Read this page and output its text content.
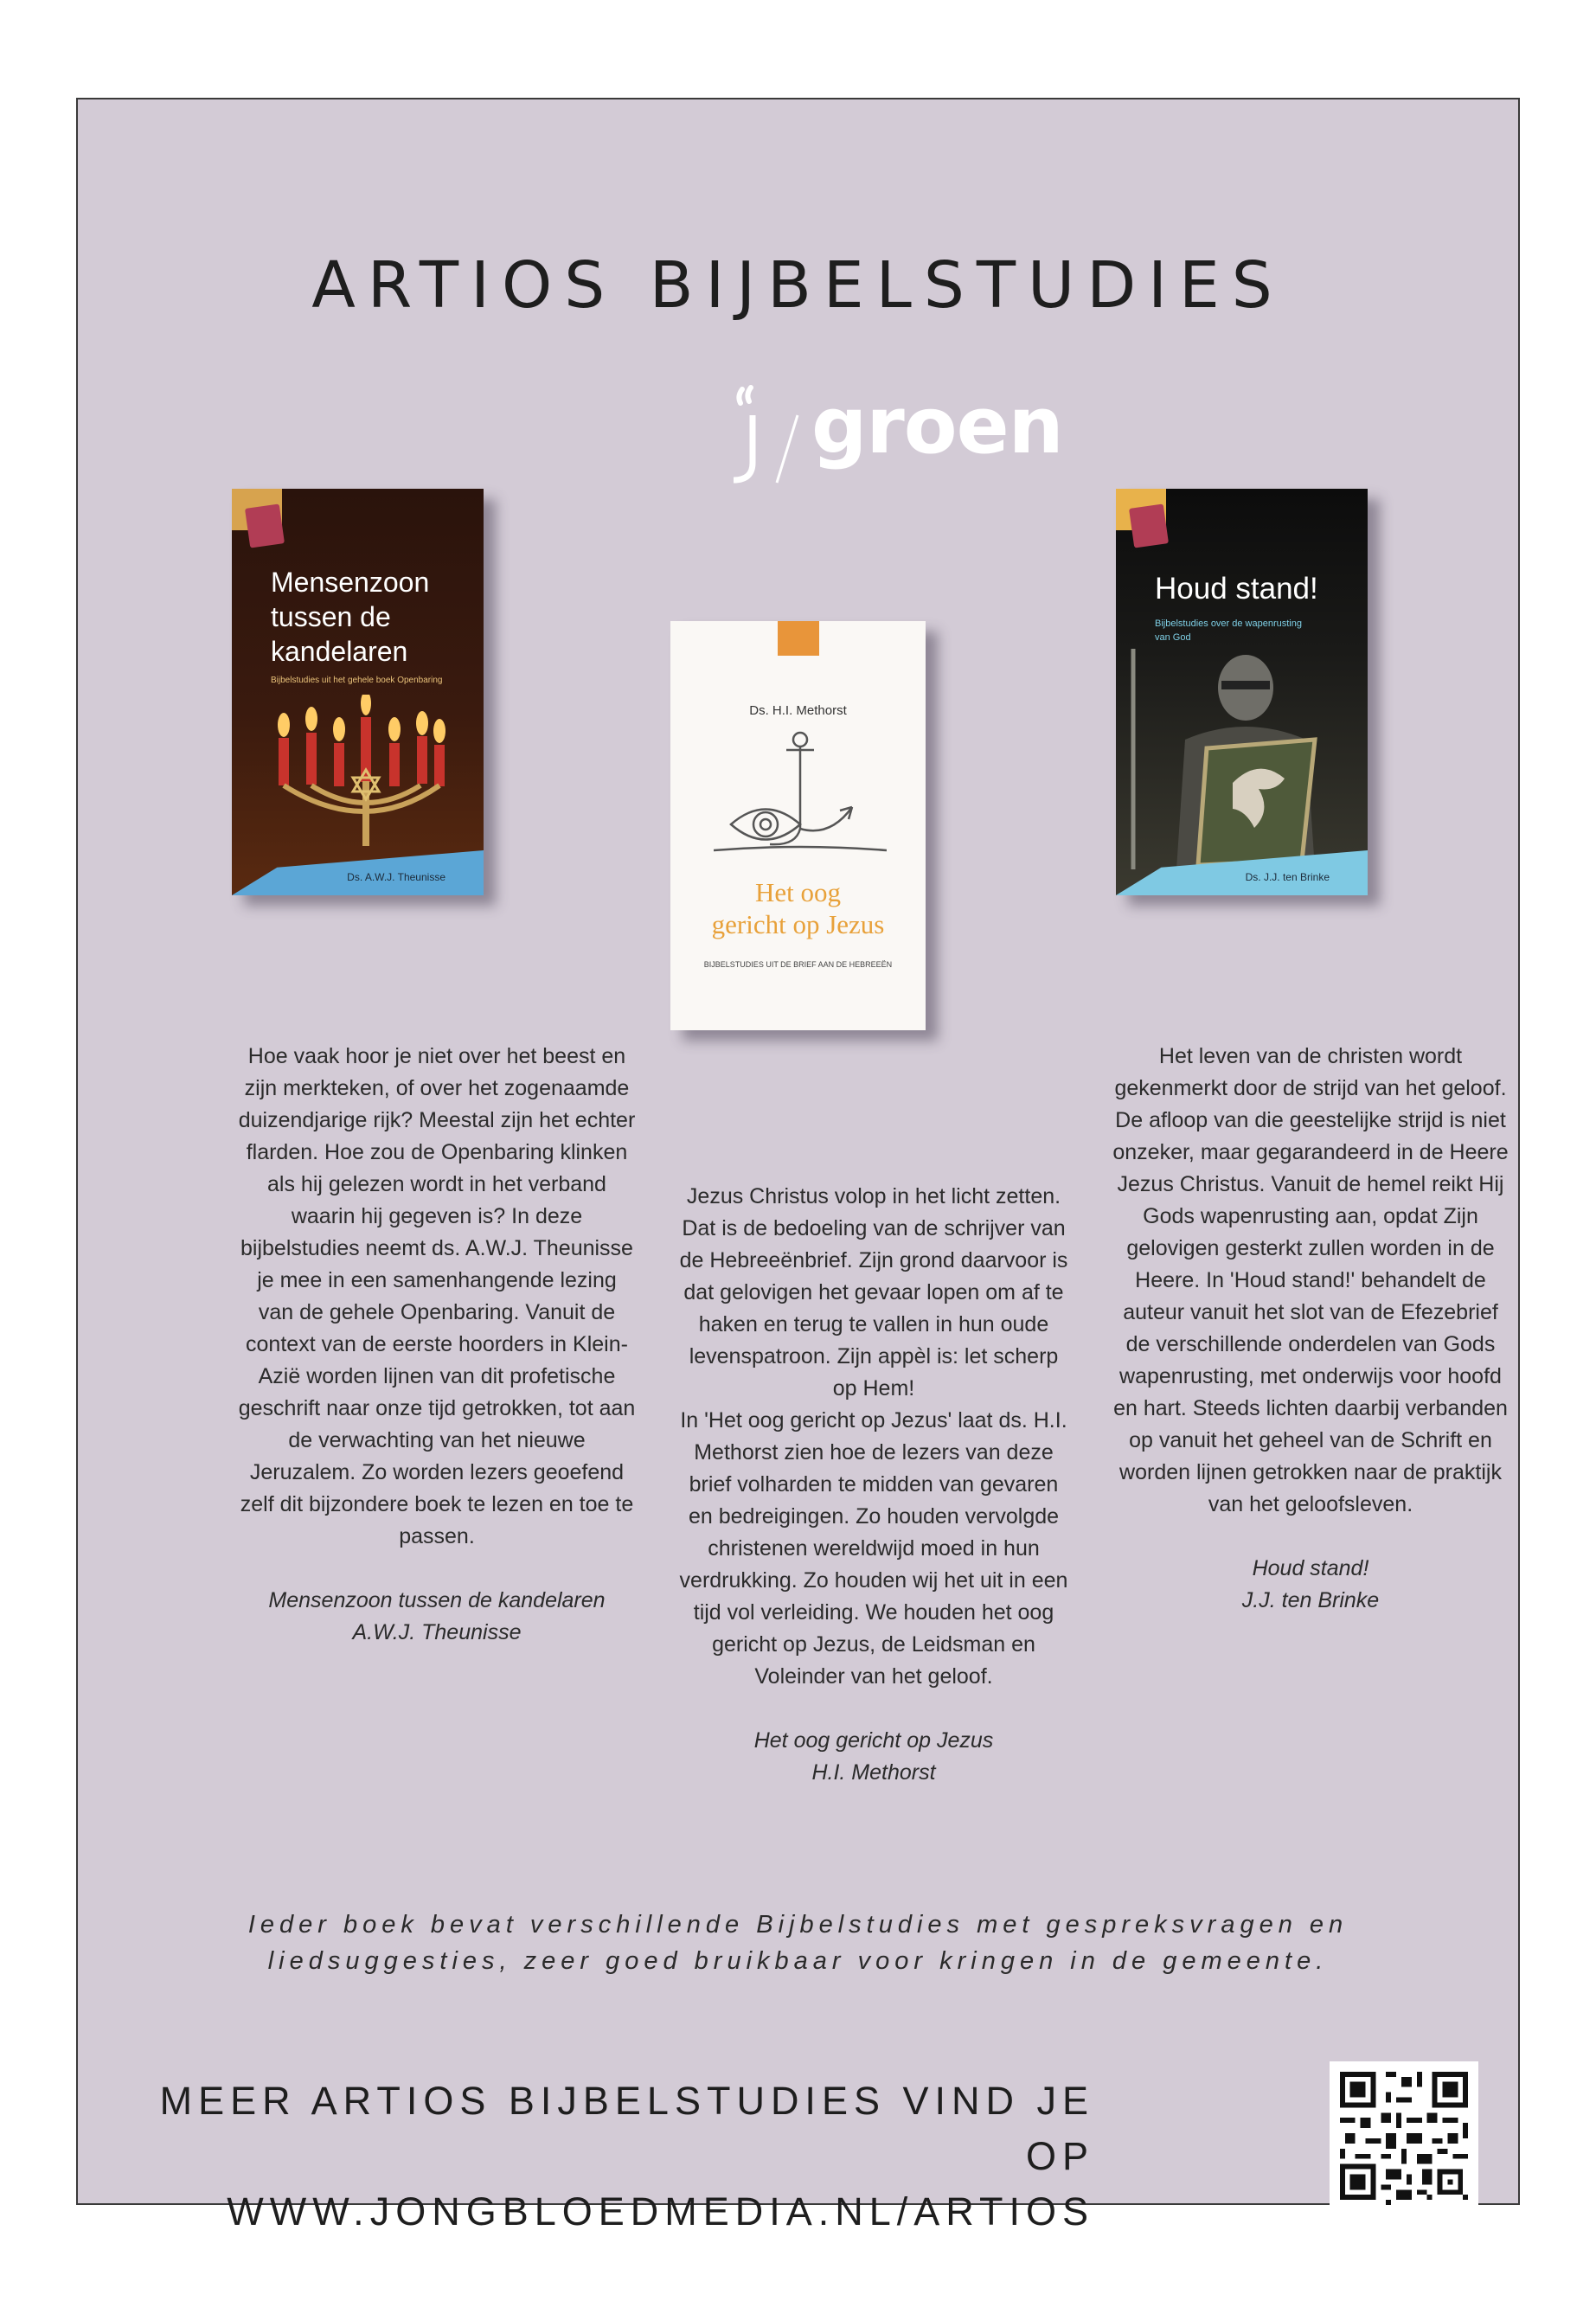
ARTIOS BIJBELSTUDIES
groen
Mensenzoon
tussen de
kandelaren
Bijbelstudies uit het gehele boek Openbaring
Ds. A.W.J. Theunisse
Ds. H.I. Methorst
Het oog
gericht op Jezus
BIJBELSTUDIES UIT DE BRIEF AAN DE HEBREEËN
Houd stand!
Bijbelstudies over de wapenrusting
van God
Ds. J.J. ten Brinke

Hoe vaak hoor je niet over het beest en zijn merkteken, of over het zogenaamde duizendjarige rijk? Meestal zijn het echter flarden. Hoe zou de Openbaring klinken als hij gelezen wordt in het verband waarin hij gegeven is? In deze bijbelstudies neemt ds. A.W.J. Theunisse je mee in een samenhangende lezing van de gehele Openbaring. Vanuit de context van de eerste hoorders in Klein-Azië worden lijnen van dit profetische geschrift naar onze tijd getrokken, tot aan de verwachting van het nieuwe Jeruzalem. Zo worden lezers geoefend zelf dit bijzondere boek te lezen en toe te passen.

Mensenzoon tussen de kandelaren

A.W.J. Theunisse

Jezus Christus volop in het licht zetten. Dat is de bedoeling van de schrijver van de Hebreeënbrief. Zijn grond daarvoor is dat gelovigen het gevaar lopen om af te haken en terug te vallen in hun oude levenspatroon. Zijn appèl is: let scherp op Hem!

In 'Het oog gericht op Jezus' laat ds. H.I. Methorst zien hoe de lezers van deze brief volharden te midden van gevaren en bedreigingen. Zo houden vervolgde christenen wereldwijd moed in hun verdrukking. Zo houden wij het uit in een tijd vol verleiding. We houden het oog gericht op Jezus, de Leidsman en Voleinder van het geloof.

Het oog gericht op Jezus

H.I. Methorst

Het leven van de christen wordt gekenmerkt door de strijd van het geloof. De afloop van die geestelijke strijd is niet onzeker, maar gegarandeerd in de Heere Jezus Christus. Vanuit de hemel reikt Hij Gods wapenrusting aan, opdat Zijn gelovigen gesterkt zullen worden in de Heere. In 'Houd stand!' behandelt de auteur vanuit het slot van de Efezebrief de verschillende onderdelen van Gods wapenrusting, met onderwijs voor hoofd en hart. Steeds lichten daarbij verbanden op vanuit het geheel van de Schrift en worden lijnen getrokken naar de praktijk van het geloofsleven.

Houd stand!

J.J. ten Brinke

Ieder boek bevat verschillende Bijbelstudies met gespreksvragen en
liedsuggesties, zeer goed bruikbaar voor kringen in de gemeente.
MEER ARTIOS BIJBELSTUDIES VIND JE OP
WWW.JONGBLOEDMEDIA.NL/ARTIOS
